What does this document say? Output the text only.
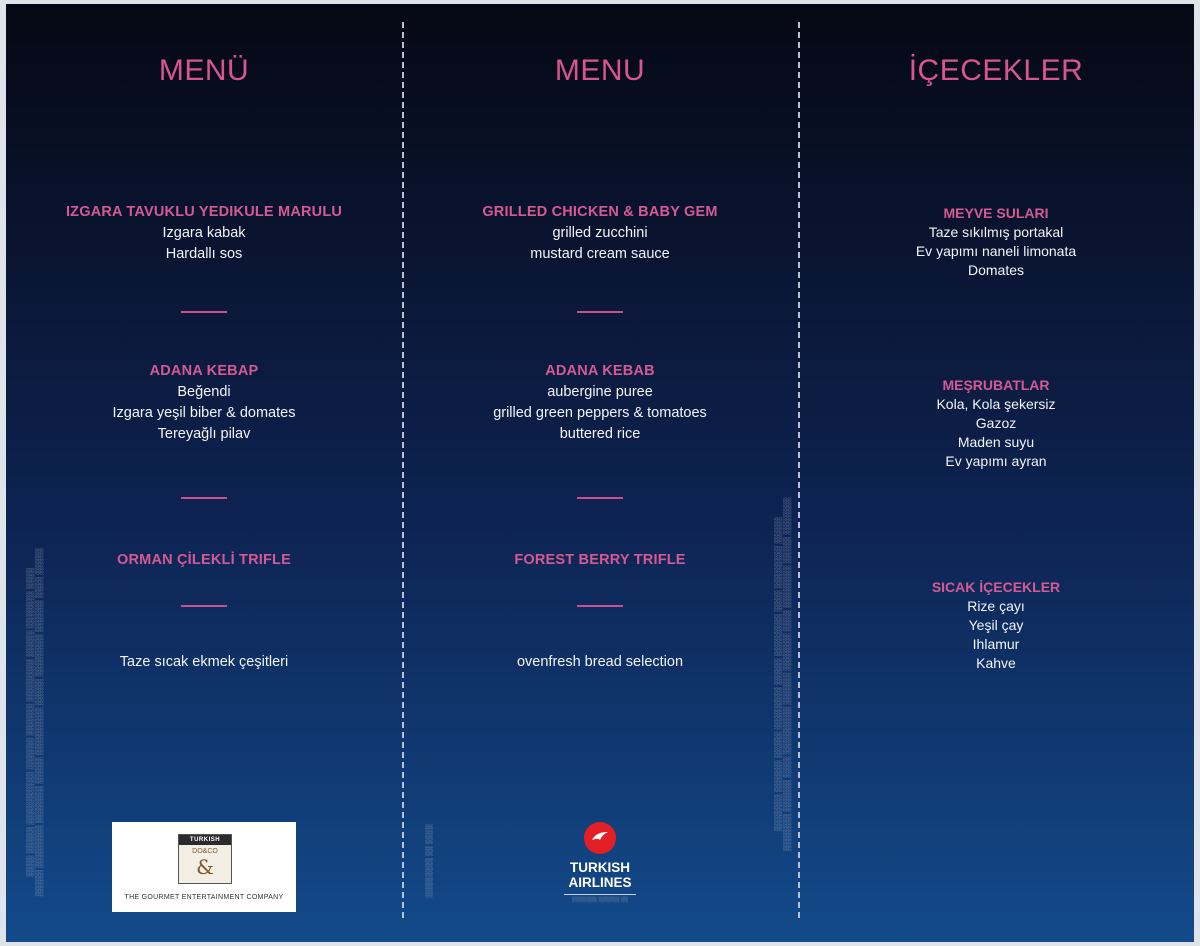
MENÜ
IZGARA TAVUKLU YEDIKULE MARULU
Izgara kabak
Hardallı sos
ADANA KEBAP
Beğendi
Izgara yeşil biber & domates
Tereyağlı pilav
ORMAN ÇİLEKLİ TRIFLE
Taze sıcak ekmek çeşitleri
░░░░░ ░░░░ ░░░░░░ ░░░░░░░░ ░░░░░ ░░░░░░░░░ ░░░░░ ░░░░░░░ ░░░░░░░░ ░░░░░
░░░░ ░░░░░░░ ░░░░░ ░░░░░░░░ ░░░░░░ ░░░░░░ ░░░░░░░░░░ ░░░░░ ░░░░	TURKISH
DO&CO
&
THE GOURMET ENTERTAINMENT COMPANY
MENU
GRILLED CHICKEN & BABY GEM
grilled zucchini
mustard cream sauce
ADANA KEBAB
aubergine puree
grilled green peppers & tomatoes
buttered rice
FOREST BERRY TRIFLE
ovenfresh bread selection
░░░░ ░░ ░░░░░░░░
░░░░░░░ ░░░░░ ░░░░░░░░ ░░░░ ░░░░░░░ ░░░░░░ ░░░░░░░░░ ░░░░ ░░░░░░ ░░░░░░░
░░░░░ ░░░░░░░░ ░░░░ ░░░░░░░░ ░░░░░ ░░░░░░░░ ░░░░░ ░░░░░░ ░░░░░░░
TURKISH
AIRLINES
░░░░░░░ ░░░░░░ ░░
İÇECEKLER
MEYVE SULARI
Taze sıkılmış portakal
Ev yapımı naneli limonata
Domates
MEŞRUBATLAR
Kola, Kola şekersiz
Gazoz
Maden suyu
Ev yapımı ayran
SICAK İÇECEKLER
Rize çayı
Yeşil çay
Ihlamur
Kahve
